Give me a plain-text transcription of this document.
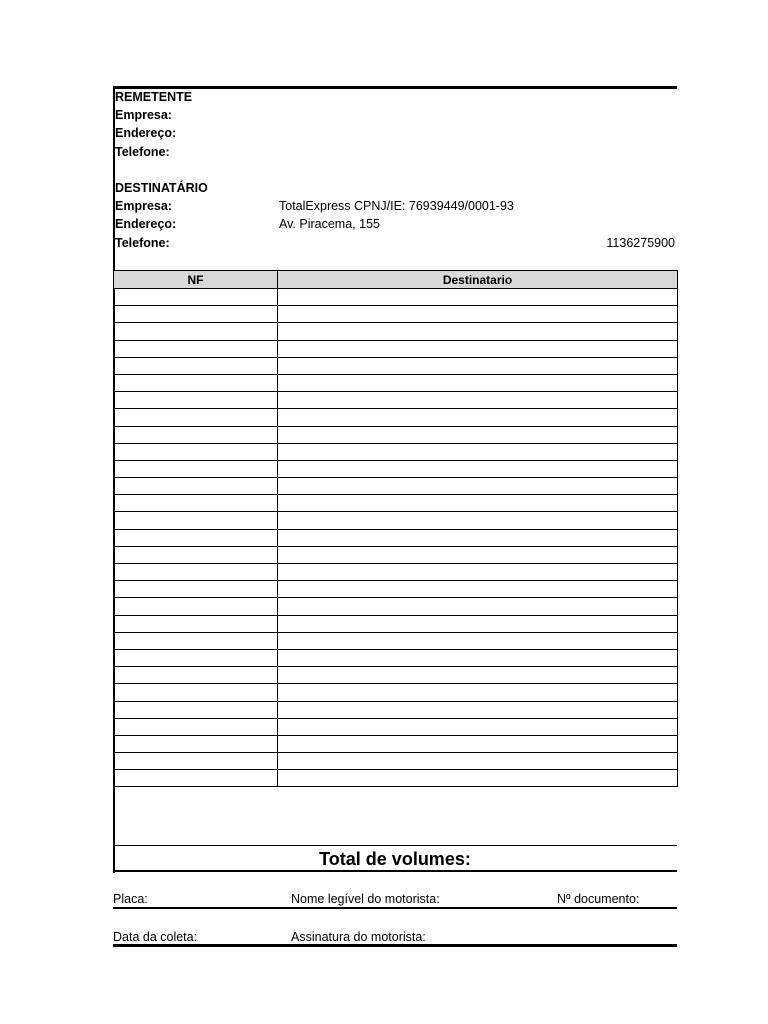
REMETENTE
Empresa:
Endereço:
Telefone:
DESTINATÁRIO
Empresa:	TotalExpress CPNJ/IE: 76939449/0001-93
Endereço:	Av. Piracema, 155
Telefone:	1136275900
NF	Destinatario

Total de volumes:
Placa:	Nome legível do motorista:	Nº documento:
Data da coleta:	Assinatura do motorista:
